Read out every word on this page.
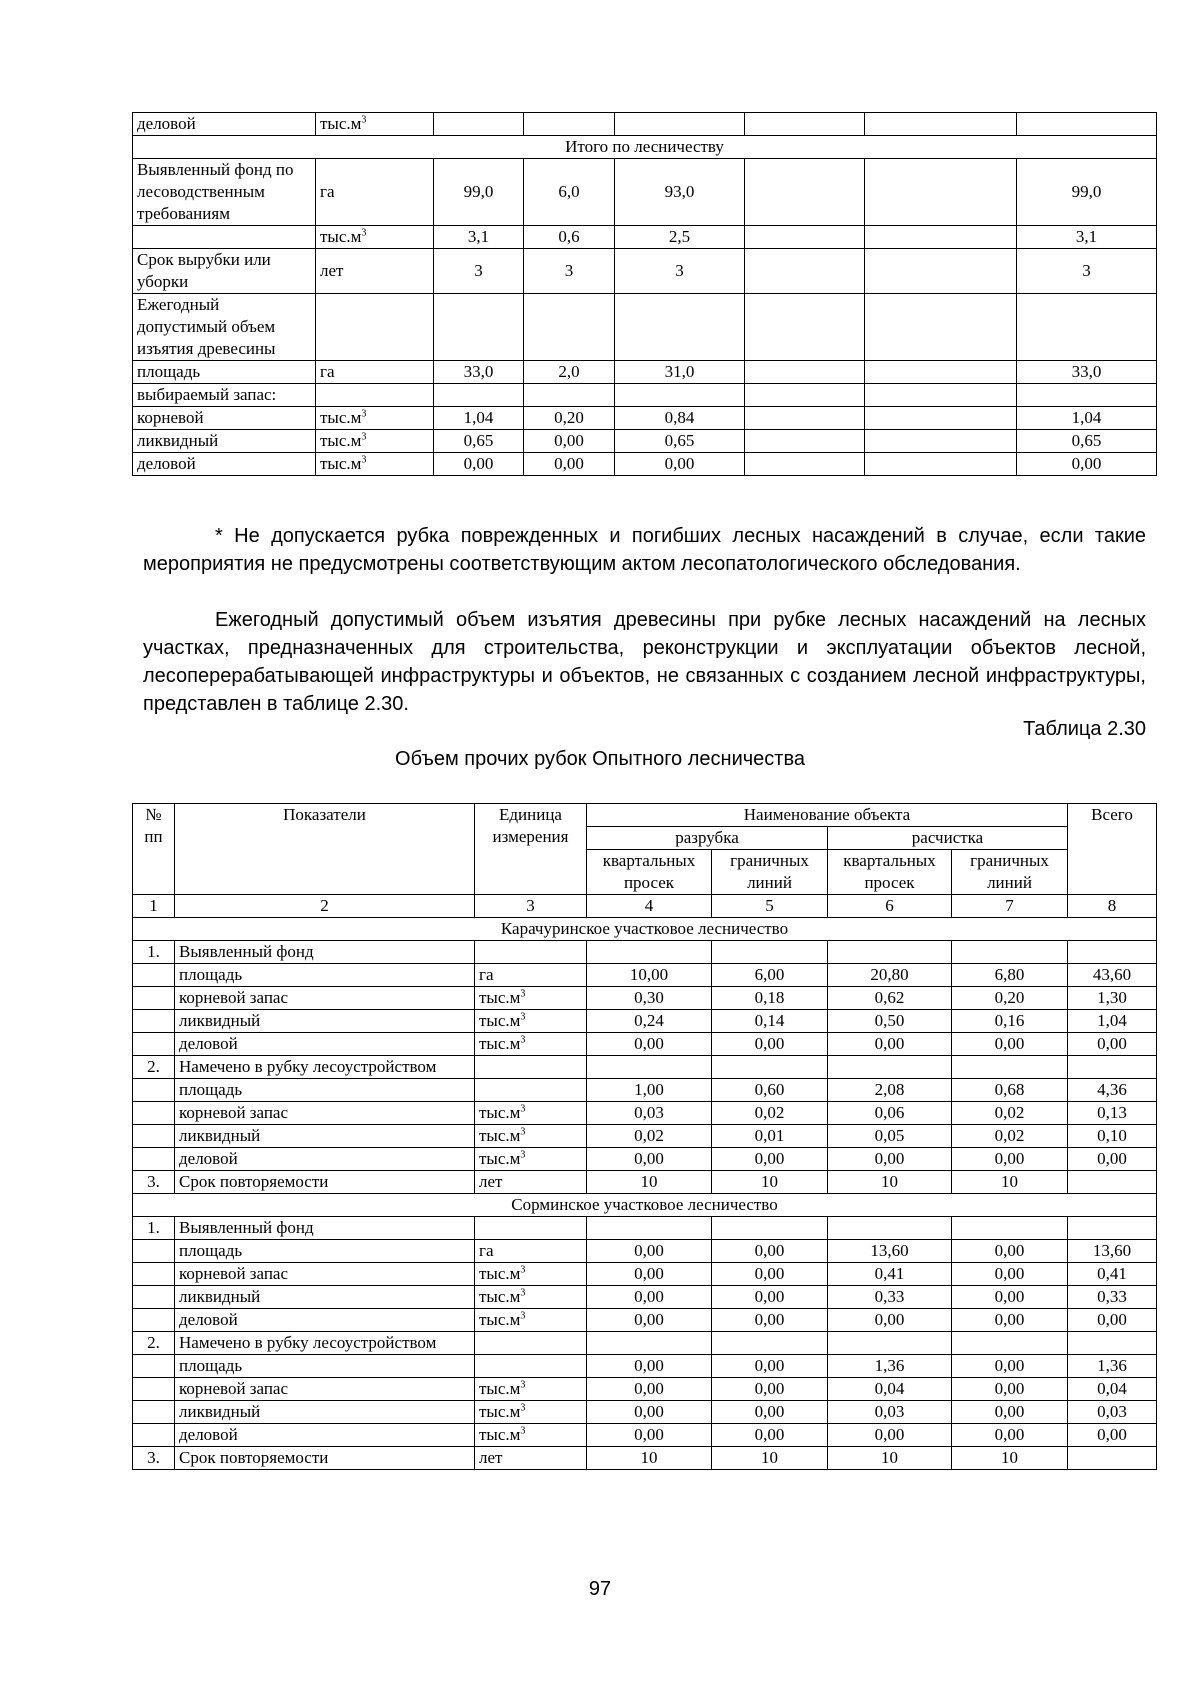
деловой	$тыс.м^3$						
Итого по лесничеству							
Выявленный фонд по лесоводственным требованиям	га	99,0	6,0	93,0			99,0
	$тыс.м^3$	3,1	0,6	2,5			3,1
Срок вырубки или уборки	лет	3	3	3			3
Ежегодный допустимый объем изъятия древесины							
площадь	га	33,0	2,0	31,0			33,0
выбираемый запас:							
корневой	$тыс.м^3$	1,04	0,20	0,84			1,04
ликвидный	$тыс.м^3$	0,65	0,00	0,65			0,65
деловой	$тыс.м^3$	0,00	0,00	0,00			0,00

* Не допускается рубка поврежденных и погибших лесных насаждений в случае, если такие мероприятия не предусмотрены соответствующим актом лесопатологического обследования.

Ежегодный допустимый объем изъятия древесины при рубке лесных насаждений на лесных участках, предназначенных для строительства, реконструкции и эксплуатации объектов лесной, лесоперерабатывающей инфраструктуры и объектов, не связанных с созданием лесной инфраструктуры, представлен в таблице 2.30.

Таблица 2.30
Объем прочих рубок Опытного лесничества
№ пп	Показатели	Единица измерения	Наименование объекта				Всего
			разрубка		расчистка		
			квартальных просек	граничных линий	квартальных просек	граничных линий	
1	2	3	4	5	6	7	8
Карачуринское участковое лесничество							
1.	Выявленный фонд						
	площадь	га	10,00	6,00	20,80	6,80	43,60
	корневой запас	$тыс.м^3$	0,30	0,18	0,62	0,20	1,30
	ликвидный	$тыс.м^3$	0,24	0,14	0,50	0,16	1,04
	деловой	$тыс.м^3$	0,00	0,00	0,00	0,00	0,00
2.	Намечено в рубку лесоустройством						
	площадь		1,00	0,60	2,08	0,68	4,36
	корневой запас	$тыс.м^3$	0,03	0,02	0,06	0,02	0,13
	ликвидный	$тыс.м^3$	0,02	0,01	0,05	0,02	0,10
	деловой	$тыс.м^3$	0,00	0,00	0,00	0,00	0,00
3.	Срок повторяемости	лет	10	10	10	10	
Сорминское участковое лесничество							
1.	Выявленный фонд						
	площадь	га	0,00	0,00	13,60	0,00	13,60
	корневой запас	$тыс.м^3$	0,00	0,00	0,41	0,00	0,41
	ликвидный	$тыс.м^3$	0,00	0,00	0,33	0,00	0,33
	деловой	$тыс.м^3$	0,00	0,00	0,00	0,00	0,00
2.	Намечено в рубку лесоустройством						
	площадь		0,00	0,00	1,36	0,00	1,36
	корневой запас	$тыс.м^3$	0,00	0,00	0,04	0,00	0,04
	ликвидный	$тыс.м^3$	0,00	0,00	0,03	0,00	0,03
	деловой	$тыс.м^3$	0,00	0,00	0,00	0,00	0,00
3.	Срок повторяемости	лет	10	10	10	10	
97
